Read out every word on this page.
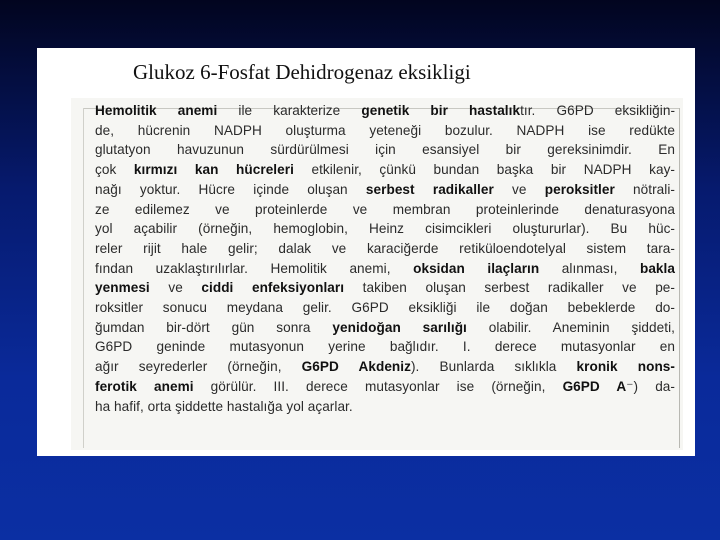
Glukoz 6-Fosfat Dehidrogenaz eksikligi
Hemolitik anemi ile karakterize genetik bir hastalıktır. G6PD eksikliğin-
de, hücrenin NADPH oluşturma yeteneği bozulur. NADPH ise redükte
glutatyon havuzunun sürdürülmesi için esansiyel bir gereksinimdir. En
çok kırmızı kan hücreleri etkilenir, çünkü bundan başka bir NADPH kay-
nağı yoktur. Hücre içinde oluşan serbest radikaller ve peroksitler nötrali-
ze edilemez ve proteinlerde ve membran proteinlerinde denaturasyona
yol açabilir (örneğin, hemoglobin, Heinz cisimcikleri oluştururlar). Bu hüc-
reler rijit hale gelir; dalak ve karaciğerde retiküloendotelyal sistem tara-
fından uzaklaştırılırlar. Hemolitik anemi, oksidan ilaçların alınması, bakla
yenmesi ve ciddi enfeksiyonları takiben oluşan serbest radikaller ve pe-
roksitler sonucu meydana gelir. G6PD eksikliği ile doğan bebeklerde do-
ğumdan bir-dört gün sonra yenidoğan sarılığı olabilir. Aneminin şiddeti,
G6PD geninde mutasyonun yerine bağlıdır. I. derece mutasyonlar en
ağır seyrederler (örneğin, G6PD Akdeniz). Bunlarda sıklıkla kronik nons-
ferotik anemi görülür. III. derece mutasyonlar ise (örneğin, G6PD A⁻) da-
ha hafif, orta şiddette hastalığa yol açarlar.
